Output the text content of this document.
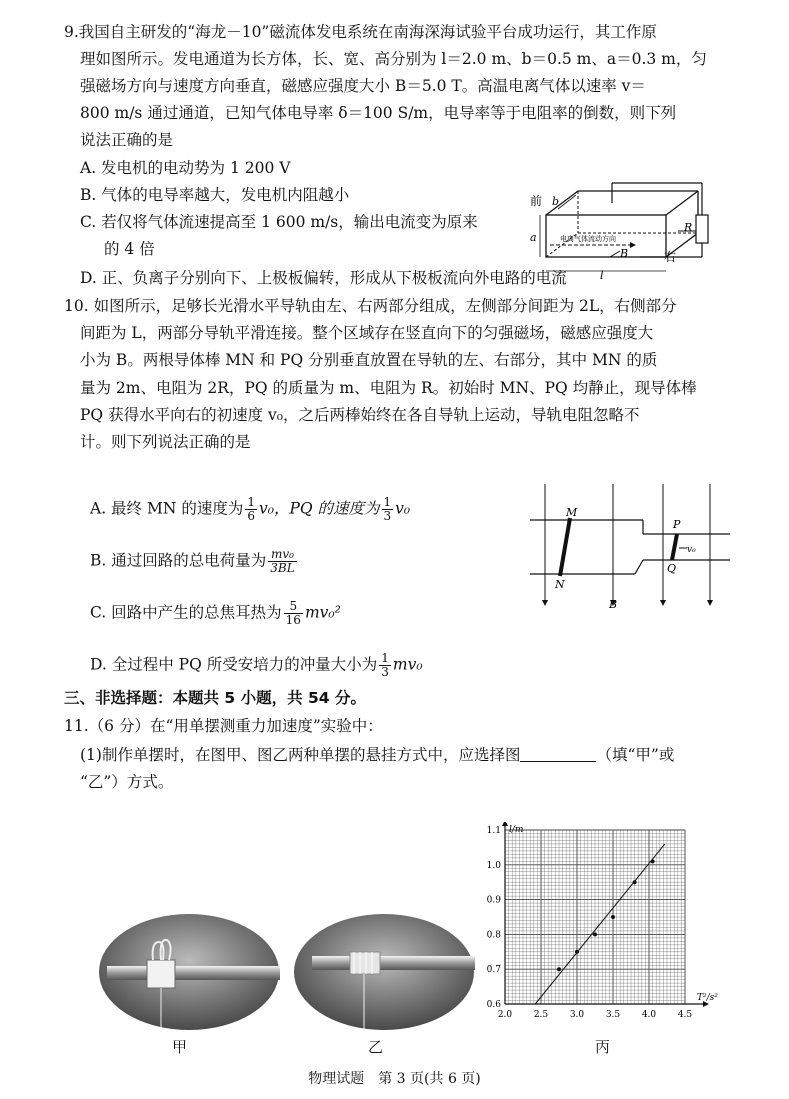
9.我国自主研发的“海龙－10”磁流体发电系统在南海深海试验平台成功运行，其工作原
理如图所示。发电通道为长方体，长、宽、高分别为 l＝2.0 m、b＝0.5 m、a＝0.3 m，匀
强磁场方向与速度方向垂直，磁感应强度大小 B＝5.0 T。高温电离气体以速率 v＝
800 m/s 通过通道，已知气体电导率 δ＝100 S/m，电导率等于电阻率的倒数，则下列
说法正确的是
A. 发电机的电动势为 1 200 V
B. 气体的电导率越大，发电机内阻越小
C. 若仅将气体流速提高至 1 600 m/s，输出电流变为原来
的 4 倍
D. 正、负离子分别向下、上极板偏转，形成从下极板流向外电路的电流
电离气体流动方向
B
前 b
a
l
右
R
10. 如图所示，足够长光滑水平导轨由左、右两部分组成，左侧部分间距为 2L，右侧部分
间距为 L，两部分导轨平滑连接。整个区域存在竖直向下的匀强磁场，磁感应强度大
小为 B。两根导体棒 MN 和 PQ 分别垂直放置在导轨的左、右部分，其中 MN 的质
量为 2m、电阻为 2R，PQ 的质量为 m、电阻为 R。初始时 MN、PQ 均静止，现导体棒
PQ 获得水平向右的初速度 v₀，之后两棒始终在各自导轨上运动，导轨电阻忽略不
计。则下列说法正确的是
A. 最终 MN 的速度为 $\frac{1}{6} v_0$，PQ 的速度为 $\frac{1}{3} v_0$
B. 通过回路的总电荷量为 $\frac{\text{mv₀}}{3BL}$
C. 回路中产生的总焦耳热为 $\frac{5}{16} mv_0^2$
D. 全过程中 PQ 所受安培力的冲量大小为 $\frac{1}{3} mv_0$
M
N
P
Q
v₀
B
三、非选择题：本题共 5 小题，共 54 分。
11.（6 分）在“用单摆测重力加速度”实验中：
(1)制作单摆时，在图甲、图乙两种单摆的悬挂方式中，应选择图	（填“甲”或
“乙”）方式。
甲	乙
2.0 2.5 3.0 3.5 4.0 4.5
0.6
0.7
0.8
0.9
1.0
1.1 l/m
T²/s²
丙
物理试题　第 3 页(共 6 页)
